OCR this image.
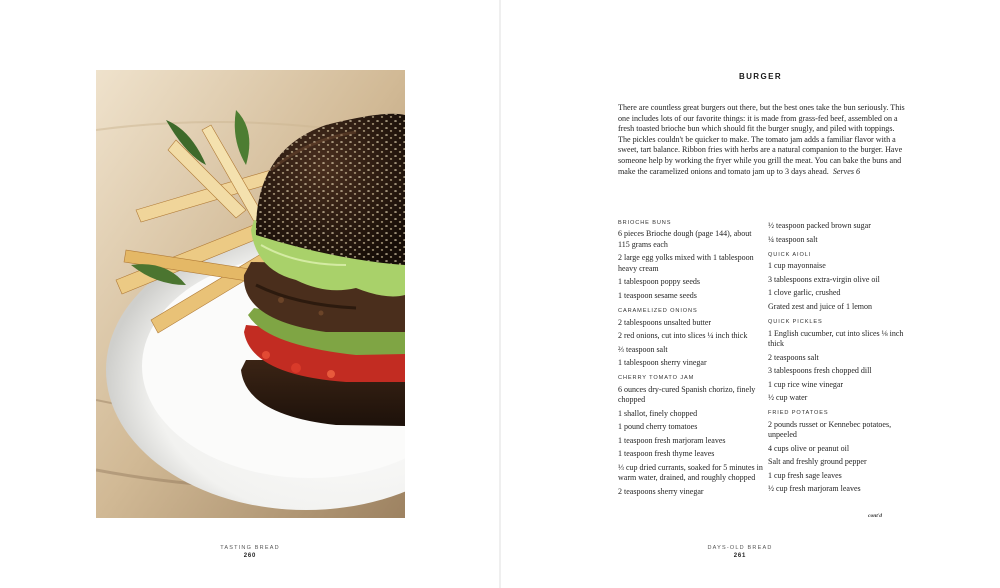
TASTING BREAD
260
BURGER

There are countless great burgers out there, but the best ones take the bun seriously. This one includes lots of our favorite things: it is made from grass-fed beef, assembled on a fresh toasted brioche bun which should fit the burger snugly, and piled with toppings. The pickles couldn't be quicker to make. The tomato jam adds a familiar flavor with a sweet, tart balance. Ribbon fries with herbs are a natural companion to the burger. Have someone help by working the fryer while you grill the meat. You can bake the buns and make the caramelized onions and tomato jam up to 3 days ahead. Serves 6

BRIOCHE BUNS
6 pieces Brioche dough (page 144), about 115 grams each
2 large egg yolks mixed with 1 tablespoon heavy cream
1 tablespoon poppy seeds
1 teaspoon sesame seeds
CARAMELIZED ONIONS
2 tablespoons unsalted butter
2 red onions, cut into slices ¼ inch thick
⅔ teaspoon salt
1 tablespoon sherry vinegar
CHERRY TOMATO JAM
6 ounces dry-cured Spanish chorizo, finely chopped
1 shallot, finely chopped
1 pound cherry tomatoes
1 teaspoon fresh marjoram leaves
1 teaspoon fresh thyme leaves
⅓ cup dried currants, soaked for 5 minutes in warm water, drained, and roughly chopped
2 teaspoons sherry vinegar
½ teaspoon packed brown sugar
¼ teaspoon salt
QUICK AIOLI
1 cup mayonnaise
3 tablespoons extra-virgin olive oil
1 clove garlic, crushed
Grated zest and juice of 1 lemon
QUICK PICKLES
1 English cucumber, cut into slices ⅛ inch thick
2 teaspoons salt
3 tablespoons fresh chopped dill
1 cup rice wine vinegar
½ cup water
FRIED POTATOES
2 pounds russet or Kennebec potatoes, unpeeled
4 cups olive or peanut oil
Salt and freshly ground pepper
1 cup fresh sage leaves
½ cup fresh marjoram leaves
cont'd
DAYS-OLD BREAD
261
